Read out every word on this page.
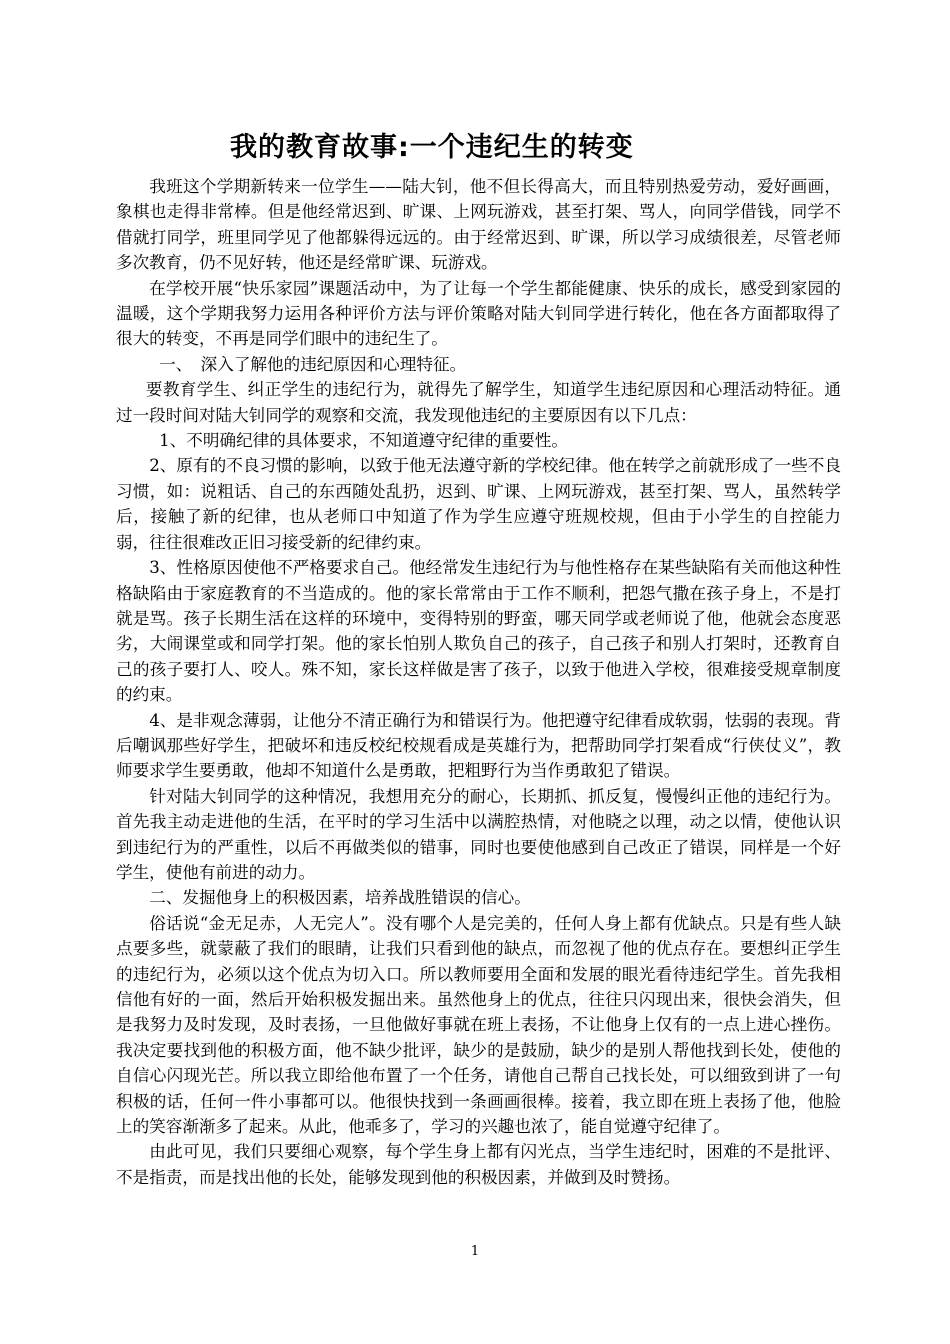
我的教育故事:一个违纪生的转变

我班这个学期新转来一位学生——陆大钊，他不但长得高大，而且特别热爱劳动，爱好画画，象棋也走得非常棒。但是他经常迟到、旷课、上网玩游戏，甚至打架、骂人，向同学借钱，同学不借就打同学，班里同学见了他都躲得远远的。由于经常迟到、旷课，所以学习成绩很差，尽管老师多次教育，仍不见好转，他还是经常旷课、玩游戏。

在学校开展“快乐家园”课题活动中，为了让每一个学生都能健康、快乐的成长，感受到家园的温暖，这个学期我努力运用各种评价方法与评价策略对陆大钊同学进行转化，他在各方面都取得了很大的转变，不再是同学们眼中的违纪生了。

一、　深入了解他的违纪原因和心理特征。

要教育学生、纠正学生的违纪行为，就得先了解学生，知道学生违纪原因和心理活动特征。通过一段时间对陆大钊同学的观察和交流，我发现他违纪的主要原因有以下几点：

1、不明确纪律的具体要求，不知道遵守纪律的重要性。

2、原有的不良习惯的影响，以致于他无法遵守新的学校纪律。他在转学之前就形成了一些不良习惯，如：说粗话、自己的东西随处乱扔，迟到、旷课、上网玩游戏，甚至打架、骂人，虽然转学后，接触了新的纪律，也从老师口中知道了作为学生应遵守班规校规，但由于小学生的自控能力弱，往往很难改正旧习接受新的纪律约束。

3、性格原因使他不严格要求自己。他经常发生违纪行为与他性格存在某些缺陷有关而他这种性格缺陷由于家庭教育的不当造成的。他的家长常常由于工作不顺利，把怨气撒在孩子身上，不是打就是骂。孩子长期生活在这样的环境中，变得特别的野蛮，哪天同学或老师说了他，他就会态度恶劣，大闹课堂或和同学打架。他的家长怕别人欺负自己的孩子，自己孩子和别人打架时，还教育自己的孩子要打人、咬人。殊不知，家长这样做是害了孩子，以致于他进入学校，很难接受规章制度的约束。

4、是非观念薄弱，让他分不清正确行为和错误行为。他把遵守纪律看成软弱，怯弱的表现。背后嘲讽那些好学生，把破坏和违反校纪校规看成是英雄行为，把帮助同学打架看成“行侠仗义”，教师要求学生要勇敢，他却不知道什么是勇敢，把粗野行为当作勇敢犯了错误。

针对陆大钊同学的这种情况，我想用充分的耐心，长期抓、抓反复，慢慢纠正他的违纪行为。首先我主动走进他的生活，在平时的学习生活中以满腔热情，对他晓之以理，动之以情，使他认识到违纪行为的严重性，以后不再做类似的错事，同时也要使他感到自己改正了错误，同样是一个好学生，使他有前进的动力。

二、发掘他身上的积极因素，培养战胜错误的信心。

俗话说“金无足赤，人无完人”。没有哪个人是完美的，任何人身上都有优缺点。只是有些人缺点要多些，就蒙蔽了我们的眼睛，让我们只看到他的缺点，而忽视了他的优点存在。要想纠正学生的违纪行为，必须以这个优点为切入口。所以教师要用全面和发展的眼光看待违纪学生。首先我相信他有好的一面，然后开始积极发掘出来。虽然他身上的优点，往往只闪现出来，很快会消失，但是我努力及时发现，及时表扬，一旦他做好事就在班上表扬，不让他身上仅有的一点上进心挫伤。 我决定要找到他的积极方面，他不缺少批评，缺少的是鼓励，缺少的是别人帮他找到长处，使他的自信心闪现光芒。所以我立即给他布置了一个任务，请他自己帮自己找长处，可以细致到讲了一句积极的话，任何一件小事都可以。他很快找到一条画画很棒。接着，我立即在班上表扬了他，他脸上的笑容渐渐多了起来。从此，他乖多了，学习的兴趣也浓了，能自觉遵守纪律了。

由此可见，我们只要细心观察，每个学生身上都有闪光点，当学生违纪时，困难的不是批评、不是指责，而是找出他的长处，能够发现到他的积极因素，并做到及时赞扬。

1
